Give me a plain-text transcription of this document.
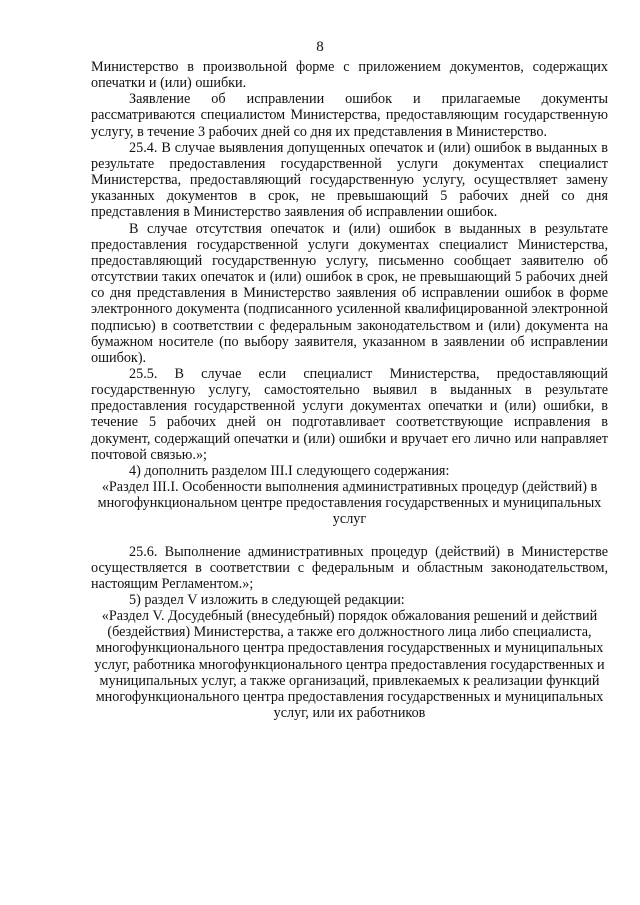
8

Министерство в произвольной форме с приложением документов, содержащих опечатки и (или) ошибки.

Заявление об исправлении ошибок и прилагаемые документы рассматриваются специалистом Министерства, предоставляющим государственную услугу, в течение 3 рабочих дней со дня их представления в Министерство.

25.4. В случае выявления допущенных опечаток и (или) ошибок в выданных в результате предоставления государственной услуги документах специалист Министерства, предоставляющий государственную услугу, осуществляет замену указанных документов в срок, не превышающий 5 рабочих дней со дня представления в Министерство заявления об исправлении ошибок.

В случае отсутствия опечаток и (или) ошибок в выданных в результате предоставления государственной услуги документах специалист Министерства, предоставляющий государственную услугу, письменно сообщает заявителю об отсутствии таких опечаток и (или) ошибок в срок, не превышающий 5 рабочих дней со дня представления в Министерство заявления об исправлении ошибок в форме электронного документа (подписанного усиленной квалифицированной электронной подписью) в соответствии с федеральным законодательством и (или) документа на бумажном носителе (по выбору заявителя, указанном в заявлении об исправлении ошибок).

25.5. В случае если специалист Министерства, предоставляющий государственную услугу, самостоятельно выявил в выданных в результате предоставления государственной услуги документах опечатки и (или) ошибки, в течение 5 рабочих дней он подготавливает соответствующие исправления в документ, содержащий опечатки и (или) ошибки и вручает его лично или направляет почтовой связью.»;

4) дополнить разделом III.I следующего содержания:

«Раздел III.I. Особенности выполнения административных процедур (действий) в многофункциональном центре предоставления государственных и муниципальных услуг

25.6. Выполнение административных процедур (действий) в Министерстве осуществляется в соответствии с федеральным и областным законодательством, настоящим Регламентом.»;

5) раздел V изложить в следующей редакции:

«Раздел V. Досудебный (внесудебный) порядок обжалования решений и действий (бездействия) Министерства, а также его должностного лица либо специалиста, многофункционального центра предоставления государственных и муниципальных услуг, работника многофункционального центра предоставления государственных и муниципальных услуг, а также организаций, привлекаемых к реализации функций многофункционального центра предоставления государственных и муниципальных услуг, или их работников
